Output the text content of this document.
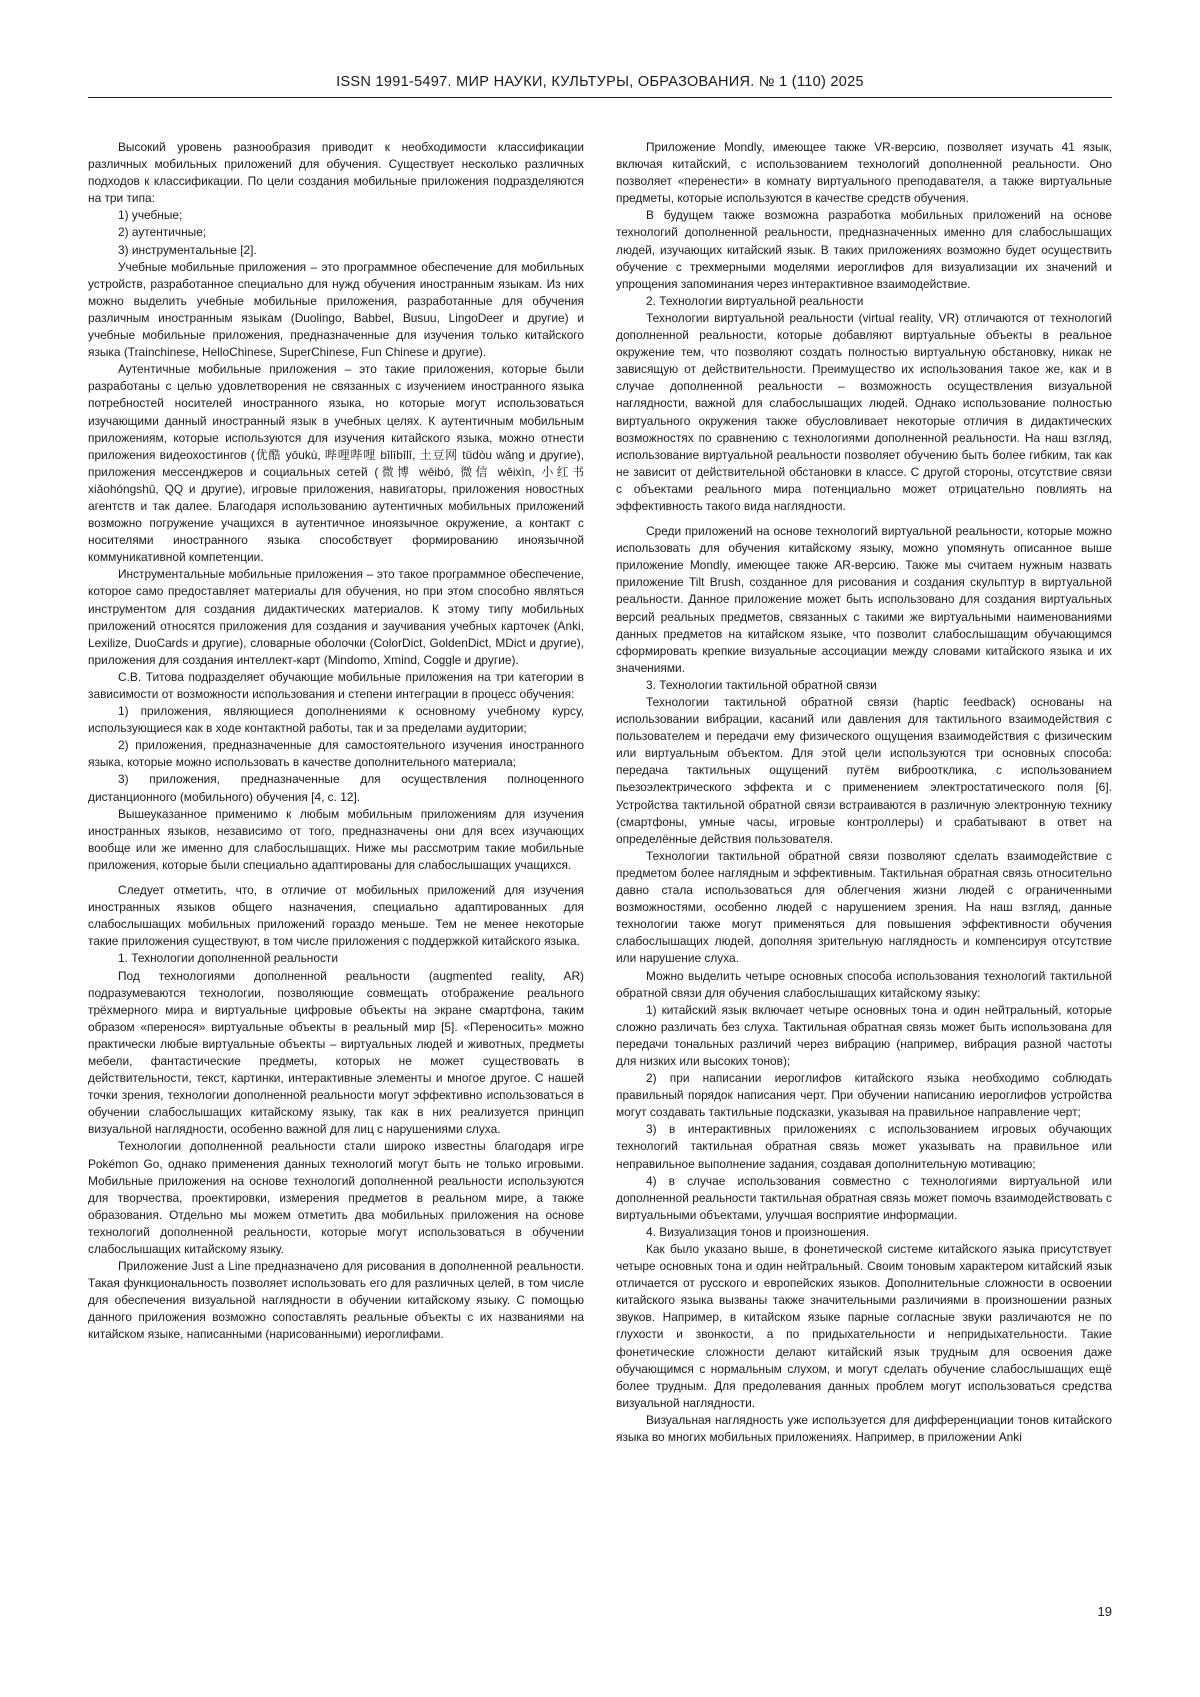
ISSN 1991-5497. МИР НАУКИ, КУЛЬТУРЫ, ОБРАЗОВАНИЯ. № 1 (110) 2025

Высокий уровень разнообразия приводит к необходимости классификации различных мобильных приложений для обучения. Существует несколько различных подходов к классификации. По цели создания мобильные приложения подразделяются на три типа:

1) учебные;

2) аутентичные;

3) инструментальные [2].

Учебные мобильные приложения – это программное обеспечение для мобильных устройств, разработанное специально для нужд обучения иностранным языкам. Из них можно выделить учебные мобильные приложения, разработанные для обучения различным иностранным языкам (Duolingo, Babbel, Busuu, LingoDeer и другие) и учебные мобильные приложения, предназначенные для изучения только китайского языка (Trainchinese, HelloChinese, SuperChinese, Fun Chinese и другие).

Аутентичные мобильные приложения – это такие приложения, которые были разработаны с целью удовлетворения не связанных с изучением иностранного языка потребностей носителей иностранного языка, но которые могут использоваться изучающими данный иностранный язык в учебных целях. К аутентичным мобильным приложениям, которые используются для изучения китайского языка, можно отнести приложения видеохостингов (优酷 yōukù, 哔哩哔哩 bīlībīlī, 土豆网 tǔdòu wǎng и другие), приложения мессенджеров и социальных сетей (微博 wēibó, 微信 wēixìn, 小红书 xiǎohóngshū, QQ и другие), игровые приложения, навигаторы, приложения новостных агентств и так далее. Благодаря использованию аутентичных мобильных приложений возможно погружение учащихся в аутентичное иноязычное окружение, а контакт с носителями иностранного языка способствует формированию иноязычной коммуникативной компетенции.

Инструментальные мобильные приложения – это такое программное обеспечение, которое само предоставляет материалы для обучения, но при этом способно являться инструментом для создания дидактических материалов. К этому типу мобильных приложений относятся приложения для создания и заучивания учебных карточек (Anki, Lexilize, DuoCards и другие), словарные оболочки (ColorDict, GoldenDict, MDict и другие), приложения для создания интеллект-карт (Mindomo, Xmind, Coggle и другие).

С.В. Титова подразделяет обучающие мобильные приложения на три категории в зависимости от возможности использования и степени интеграции в процесс обучения:

1) приложения, являющиеся дополнениями к основному учебному курсу, использующиеся как в ходе контактной работы, так и за пределами аудитории;

2) приложения, предназначенные для самостоятельного изучения иностранного языка, которые можно использовать в качестве дополнительного материала;

3) приложения, предназначенные для осуществления полноценного дистанционного (мобильного) обучения [4, с. 12].

Вышеуказанное применимо к любым мобильным приложениям для изучения иностранных языков, независимо от того, предназначены они для всех изучающих вообще или же именно для слабослышащих. Ниже мы рассмотрим такие мобильные приложения, которые были специально адаптированы для слабослышащих учащихся.

Следует отметить, что, в отличие от мобильных приложений для изучения иностранных языков общего назначения, специально адаптированных для слабослышащих мобильных приложений гораздо меньше. Тем не менее некоторые такие приложения существуют, в том числе приложения с поддержкой китайского языка.

1. Технологии дополненной реальности

Под технологиями дополненной реальности (augmented reality, AR) подразумеваются технологии, позволяющие совмещать отображение реального трёхмерного мира и виртуальные цифровые объекты на экране смартфона, таким образом «перенося» виртуальные объекты в реальный мир [5]. «Переносить» можно практически любые виртуальные объекты – виртуальных людей и животных, предметы мебели, фантастические предметы, которых не может существовать в действительности, текст, картинки, интерактивные элементы и многое другое. С нашей точки зрения, технологии дополненной реальности могут эффективно использоваться в обучении слабослышащих китайскому языку, так как в них реализуется принцип визуальной наглядности, особенно важной для лиц с нарушениями слуха.

Технологии дополненной реальности стали широко известны благодаря игре Pokémon Go, однако применения данных технологий могут быть не только игровыми. Мобильные приложения на основе технологий дополненной реальности используются для творчества, проектировки, измерения предметов в реальном мире, а также образования. Отдельно мы можем отметить два мобильных приложения на основе технологий дополненной реальности, которые могут использоваться в обучении слабослышащих китайскому языку.

Приложение Just a Line предназначено для рисования в дополненной реальности. Такая функциональность позволяет использовать его для различных целей, в том числе для обеспечения визуальной наглядности в обучении китайскому языку. С помощью данного приложения возможно сопоставлять реальные объекты с их названиями на китайском языке, написанными (нарисованными) иероглифами.

Приложение Mondly, имеющее также VR-версию, позволяет изучать 41 язык, включая китайский, с использованием технологий дополненной реальности. Оно позволяет «перенести» в комнату виртуального преподавателя, а также виртуальные предметы, которые используются в качестве средств обучения.

В будущем также возможна разработка мобильных приложений на основе технологий дополненной реальности, предназначенных именно для слабослышащих людей, изучающих китайский язык. В таких приложениях возможно будет осуществить обучение с трехмерными моделями иероглифов для визуализации их значений и упрощения запоминания через интерактивное взаимодействие.

2. Технологии виртуальной реальности

Технологии виртуальной реальности (virtual reality, VR) отличаются от технологий дополненной реальности, которые добавляют виртуальные объекты в реальное окружение тем, что позволяют создать полностью виртуальную обстановку, никак не зависящую от действительности. Преимущество их использования такое же, как и в случае дополненной реальности – возможность осуществления визуальной наглядности, важной для слабослышащих людей. Однако использование полностью виртуального окружения также обусловливает некоторые отличия в дидактических возможностях по сравнению с технологиями дополненной реальности. На наш взгляд, использование виртуальной реальности позволяет обучению быть более гибким, так как не зависит от действительной обстановки в классе. С другой стороны, отсутствие связи с объектами реального мира потенциально может отрицательно повлиять на эффективность такого вида наглядности.

Среди приложений на основе технологий виртуальной реальности, которые можно использовать для обучения китайскому языку, можно упомянуть описанное выше приложение Mondly, имеющее также AR-версию. Также мы считаем нужным назвать приложение Tilt Brush, созданное для рисования и создания скульптур в виртуальной реальности. Данное приложение может быть использовано для создания виртуальных версий реальных предметов, связанных с такими же виртуальными наименованиями данных предметов на китайском языке, что позволит слабослышащим обучающимся сформировать крепкие визуальные ассоциации между словами китайского языка и их значениями.

3. Технологии тактильной обратной связи

Технологии тактильной обратной связи (haptic feedback) основаны на использовании вибрации, касаний или давления для тактильного взаимодействия с пользователем и передачи ему физического ощущения взаимодействия с физическим или виртуальным объектом. Для этой цели используются три основных способа: передача тактильных ощущений путём виброотклика, с использованием пьезоэлектрического эффекта и с применением электростатического поля [6]. Устройства тактильной обратной связи встраиваются в различную электронную технику (смартфоны, умные часы, игровые контроллеры) и срабатывают в ответ на определённые действия пользователя.

Технологии тактильной обратной связи позволяют сделать взаимодействие с предметом более наглядным и эффективным. Тактильная обратная связь относительно давно стала использоваться для облегчения жизни людей с ограниченными возможностями, особенно людей с нарушением зрения. На наш взгляд, данные технологии также могут применяться для повышения эффективности обучения слабослышащих людей, дополняя зрительную наглядность и компенсируя отсутствие или нарушение слуха.

Можно выделить четыре основных способа использования технологий тактильной обратной связи для обучения слабослышащих китайскому языку:

1) китайский язык включает четыре основных тона и один нейтральный, которые сложно различать без слуха. Тактильная обратная связь может быть использована для передачи тональных различий через вибрацию (например, вибрация разной частоты для низких или высоких тонов);

2) при написании иероглифов китайского языка необходимо соблюдать правильный порядок написания черт. При обучении написанию иероглифов устройства могут создавать тактильные подсказки, указывая на правильное направление черт;

3) в интерактивных приложениях с использованием игровых обучающих технологий тактильная обратная связь может указывать на правильное или неправильное выполнение задания, создавая дополнительную мотивацию;

4) в случае использования совместно с технологиями виртуальной или дополненной реальности тактильная обратная связь может помочь взаимодействовать с виртуальными объектами, улучшая восприятие информации.

4. Визуализация тонов и произношения.

Как было указано выше, в фонетической системе китайского языка присутствует четыре основных тона и один нейтральный. Своим тоновым характером китайский язык отличается от русского и европейских языков. Дополнительные сложности в освоении китайского языка вызваны также значительными различиями в произношении разных звуков. Например, в китайском языке парные согласные звуки различаются не по глухости и звонкости, а по придыхательности и непридыхательности. Такие фонетические сложности делают китайский язык трудным для освоения даже обучающимся с нормальным слухом, и могут сделать обучение слабослышащих ещё более трудным. Для предолевания данных проблем могут использоваться средства визуальной наглядности.

Визуальная наглядность уже используется для дифференциации тонов китайского языка во многих мобильных приложениях. Например, в приложении Anki

19
